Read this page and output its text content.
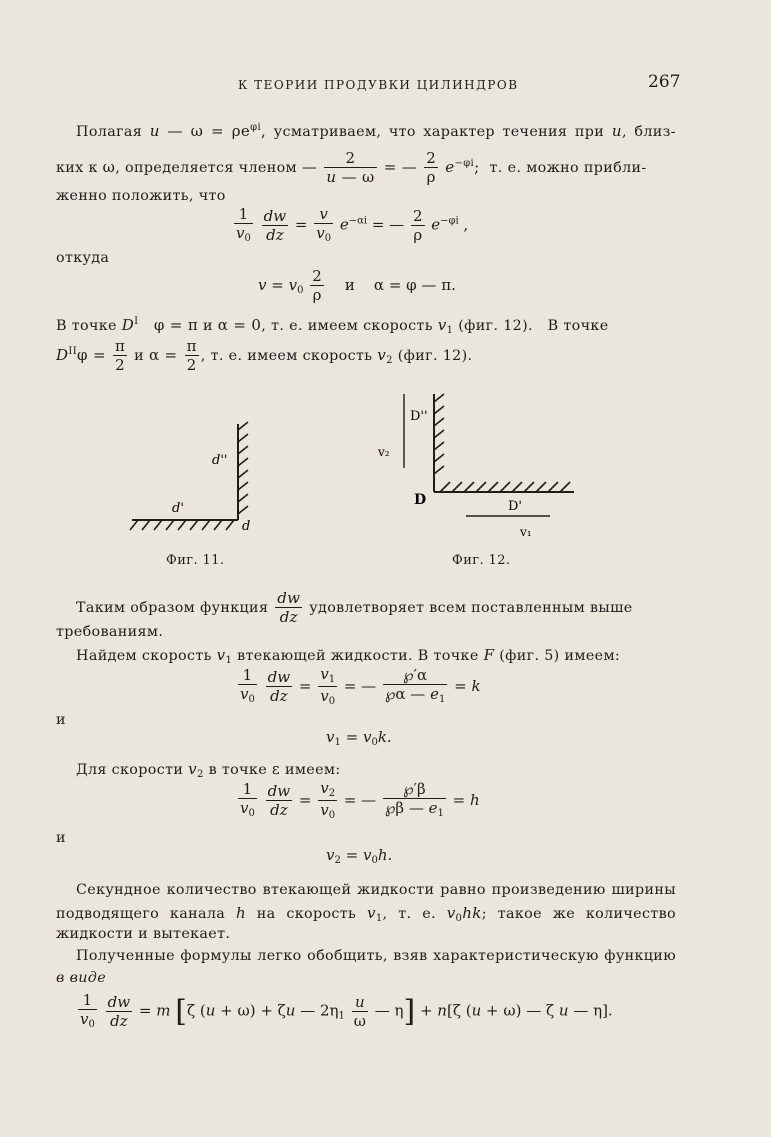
К ТЕОРИИ ПРОДУВКИ ЦИЛИНДРОВ	267
Полагая u — $\omega = \rho e^{\varphi i}$, усматриваем, что характер течения при u, близ-
ких к ω, определяется членом — $\frac{2}{u — \omega}$ = — $\frac{2}{\rho} e^{-\varphi i}$;  т. е. можно прибли-
женно положить, что
$\frac{1}{v_0}$
$\frac{dw}{dz} = \frac{v}{v_0} e^{-\alpha i}$ = — $\frac{2}{\rho} e^{-\varphi i}$ ,
откуда
$v = v_0 \frac{2}{\rho}$ и    α = φ — π.
В точке $D^I$   φ = π и α = 0, т. е. имеем скорость $v_1$ (фиг. 12). В точке
$D^{II}\varphi = \frac{\pi}{2}$ и $\alpha = \frac{\pi}{2}$ , т. е. имеем скорость $v_2$ (фиг. 12).
d''
d'
d
Фиг. 11.
v₂
D''
D	D'
v₁
Фиг. 12.
Таким образом функция $\frac{dw}{dz}$ удовлетворяет всем поставленным выше
требованиям.
Найдем скорость $v_1$ втекающей жидкости. В точке F (фиг. 5) имеем:
$\frac{1}{v_0}$
$\frac{dw}{dz} = \frac{v_1}{v_0}$ = — $\frac{℘'\alpha}{℘\alpha — e_1} = k$
и
$v_1 = v_0k$.
Для скорости $v_2$ в точке ε имеем:
$\frac{1}{v_0}$
$\frac{dw}{dz} = \frac{v_2}{v_0}$ = — $\frac{℘'\beta}{℘\beta — e_1} = h$
и
$v_2 = v_0h$.
Секундное количество втекающей жидкости равно произведению ширины
подводящего канала h на скорость $v_1$, т. е. $v_0hk$; такое же количество
жидкости и вытекает.
Полученные формулы легко обобщить, взяв характеристическую функцию
в виде
$\frac{1}{v_0}$
$\frac{dw}{dz} = m$ [ζ (u + ω) + ζu — $2\eta_1 \frac{u}{\omega}$ — η] + n[ζ (u + ω) — ζ u — η].
